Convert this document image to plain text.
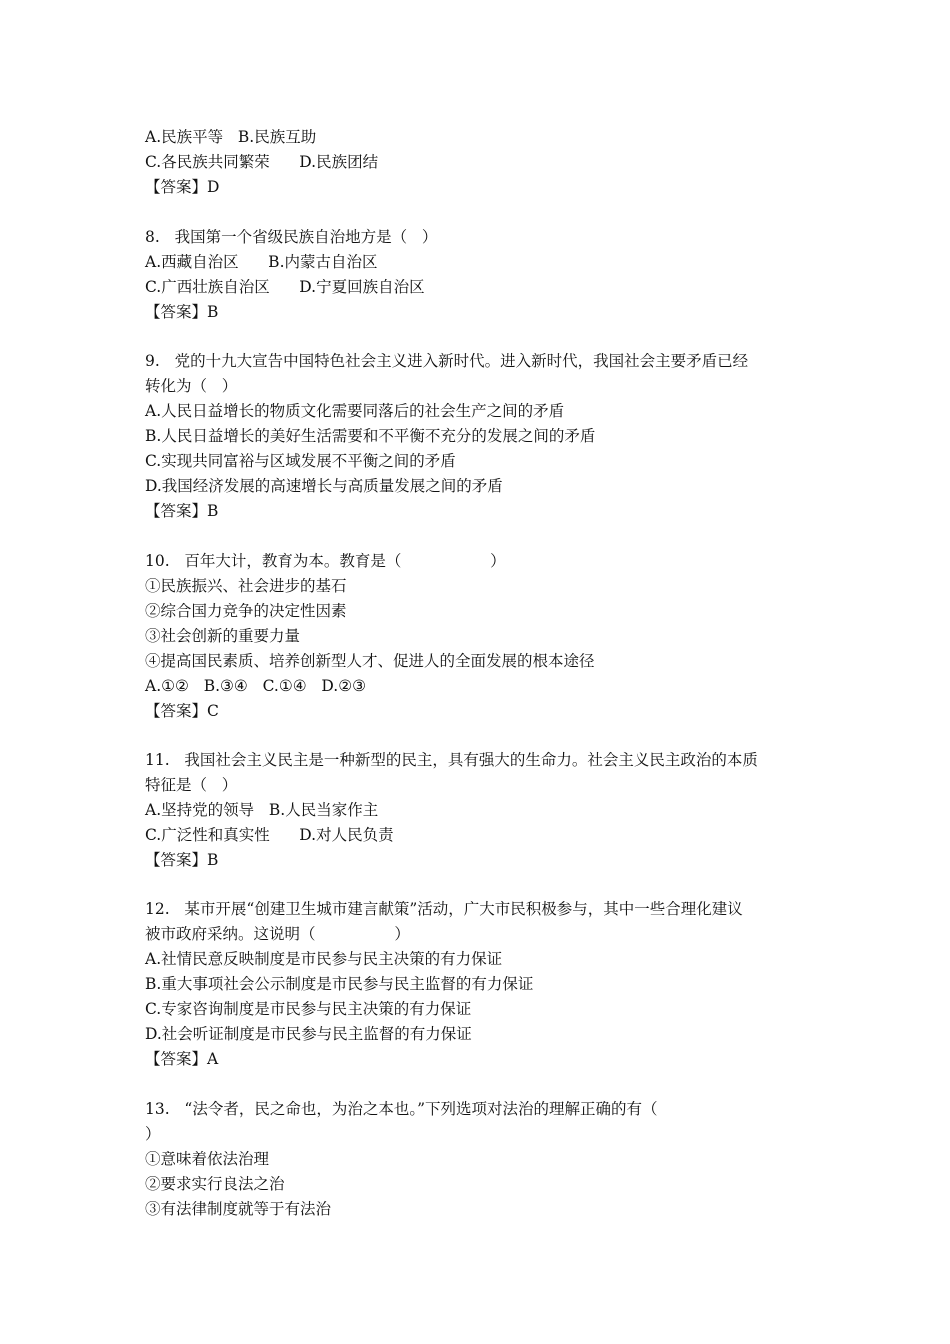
A.民族平等   B.民族互助
C.各民族共同繁荣      D.民族团结
【答案】D
8.   我国第一个省级民族自治地方是（   ）
A.西藏自治区      B.内蒙古自治区
C.广西壮族自治区      D.宁夏回族自治区
【答案】B
9.   党的十九大宣告中国特色社会主义进入新时代。进入新时代，我国社会主要矛盾已经
转化为（   ）
A.人民日益增长的物质文化需要同落后的社会生产之间的矛盾
B.人民日益增长的美好生活需要和不平衡不充分的发展之间的矛盾
C.实现共同富裕与区域发展不平衡之间的矛盾
D.我国经济发展的高速增长与高质量发展之间的矛盾
【答案】B
10.   百年大计，教育为本。教育是（                  ）
①民族振兴、社会进步的基石
②综合国力竞争的决定性因素
③社会创新的重要力量
④提高国民素质、培养创新型人才、促进人的全面发展的根本途径
A.①②   B.③④   C.①④   D.②③
【答案】C
11.   我国社会主义民主是一种新型的民主，具有强大的生命力。社会主义民主政治的本质
特征是（   ）
A.坚持党的领导   B.人民当家作主
C.广泛性和真实性      D.对人民负责
【答案】B
12.   某市开展“创建卫生城市建言献策”活动，广大市民积极参与，其中一些合理化建议
被市政府采纳。这说明（                ）
A.社情民意反映制度是市民参与民主决策的有力保证
B.重大事项社会公示制度是市民参与民主监督的有力保证
C.专家咨询制度是市民参与民主决策的有力保证
D.社会听证制度是市民参与民主监督的有力保证
【答案】A
13.   “法令者，民之命也，为治之本也。”下列选项对法治的理解正确的有（
）
①意味着依法治理
②要求实行良法之治
③有法律制度就等于有法治
